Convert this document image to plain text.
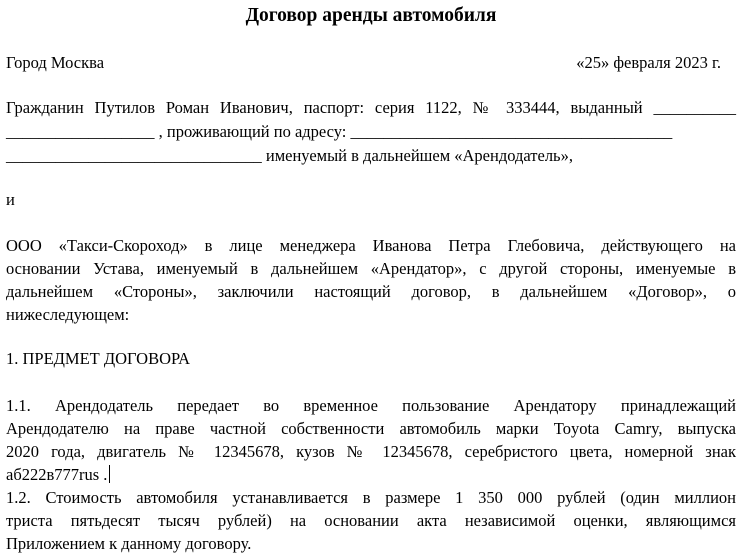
Договор аренды автомобиля
Город Москва	«25» февраля 2023 г.
Гражданин Путилов Роман Иванович, паспорт: серия 1122, № 333444, выданный __________
__________________ , проживающий по адресу: _______________________________________
_______________________________ именуемый в дальнейшем «Арендодатель»,
и
ООО «Такси-Скороход» в лице менеджера Иванова Петра Глебовича, действующего на
основании Устава, именуемый в дальнейшем «Арендатор», с другой стороны, именуемые в
дальнейшем «Стороны», заключили настоящий договор, в дальнейшем «Договор», о
нижеследующем:
1. ПРЕДМЕТ ДОГОВОРА
1.1. Арендодатель передает во временное пользование Арендатору принадлежащий
Арендодателю на праве частной собственности автомобиль марки Toyota Camry, выпуска
2020 года, двигатель № 12345678, кузов № 12345678, серебристого цвета, номерной знак
аб222в777rus .
1.2. Стоимость автомобиля устанавливается в размере 1 350 000 рублей (один миллион
триста пятьдесят тысяч рублей) на основании акта независимой оценки, являющимся
Приложением к данному договору.
